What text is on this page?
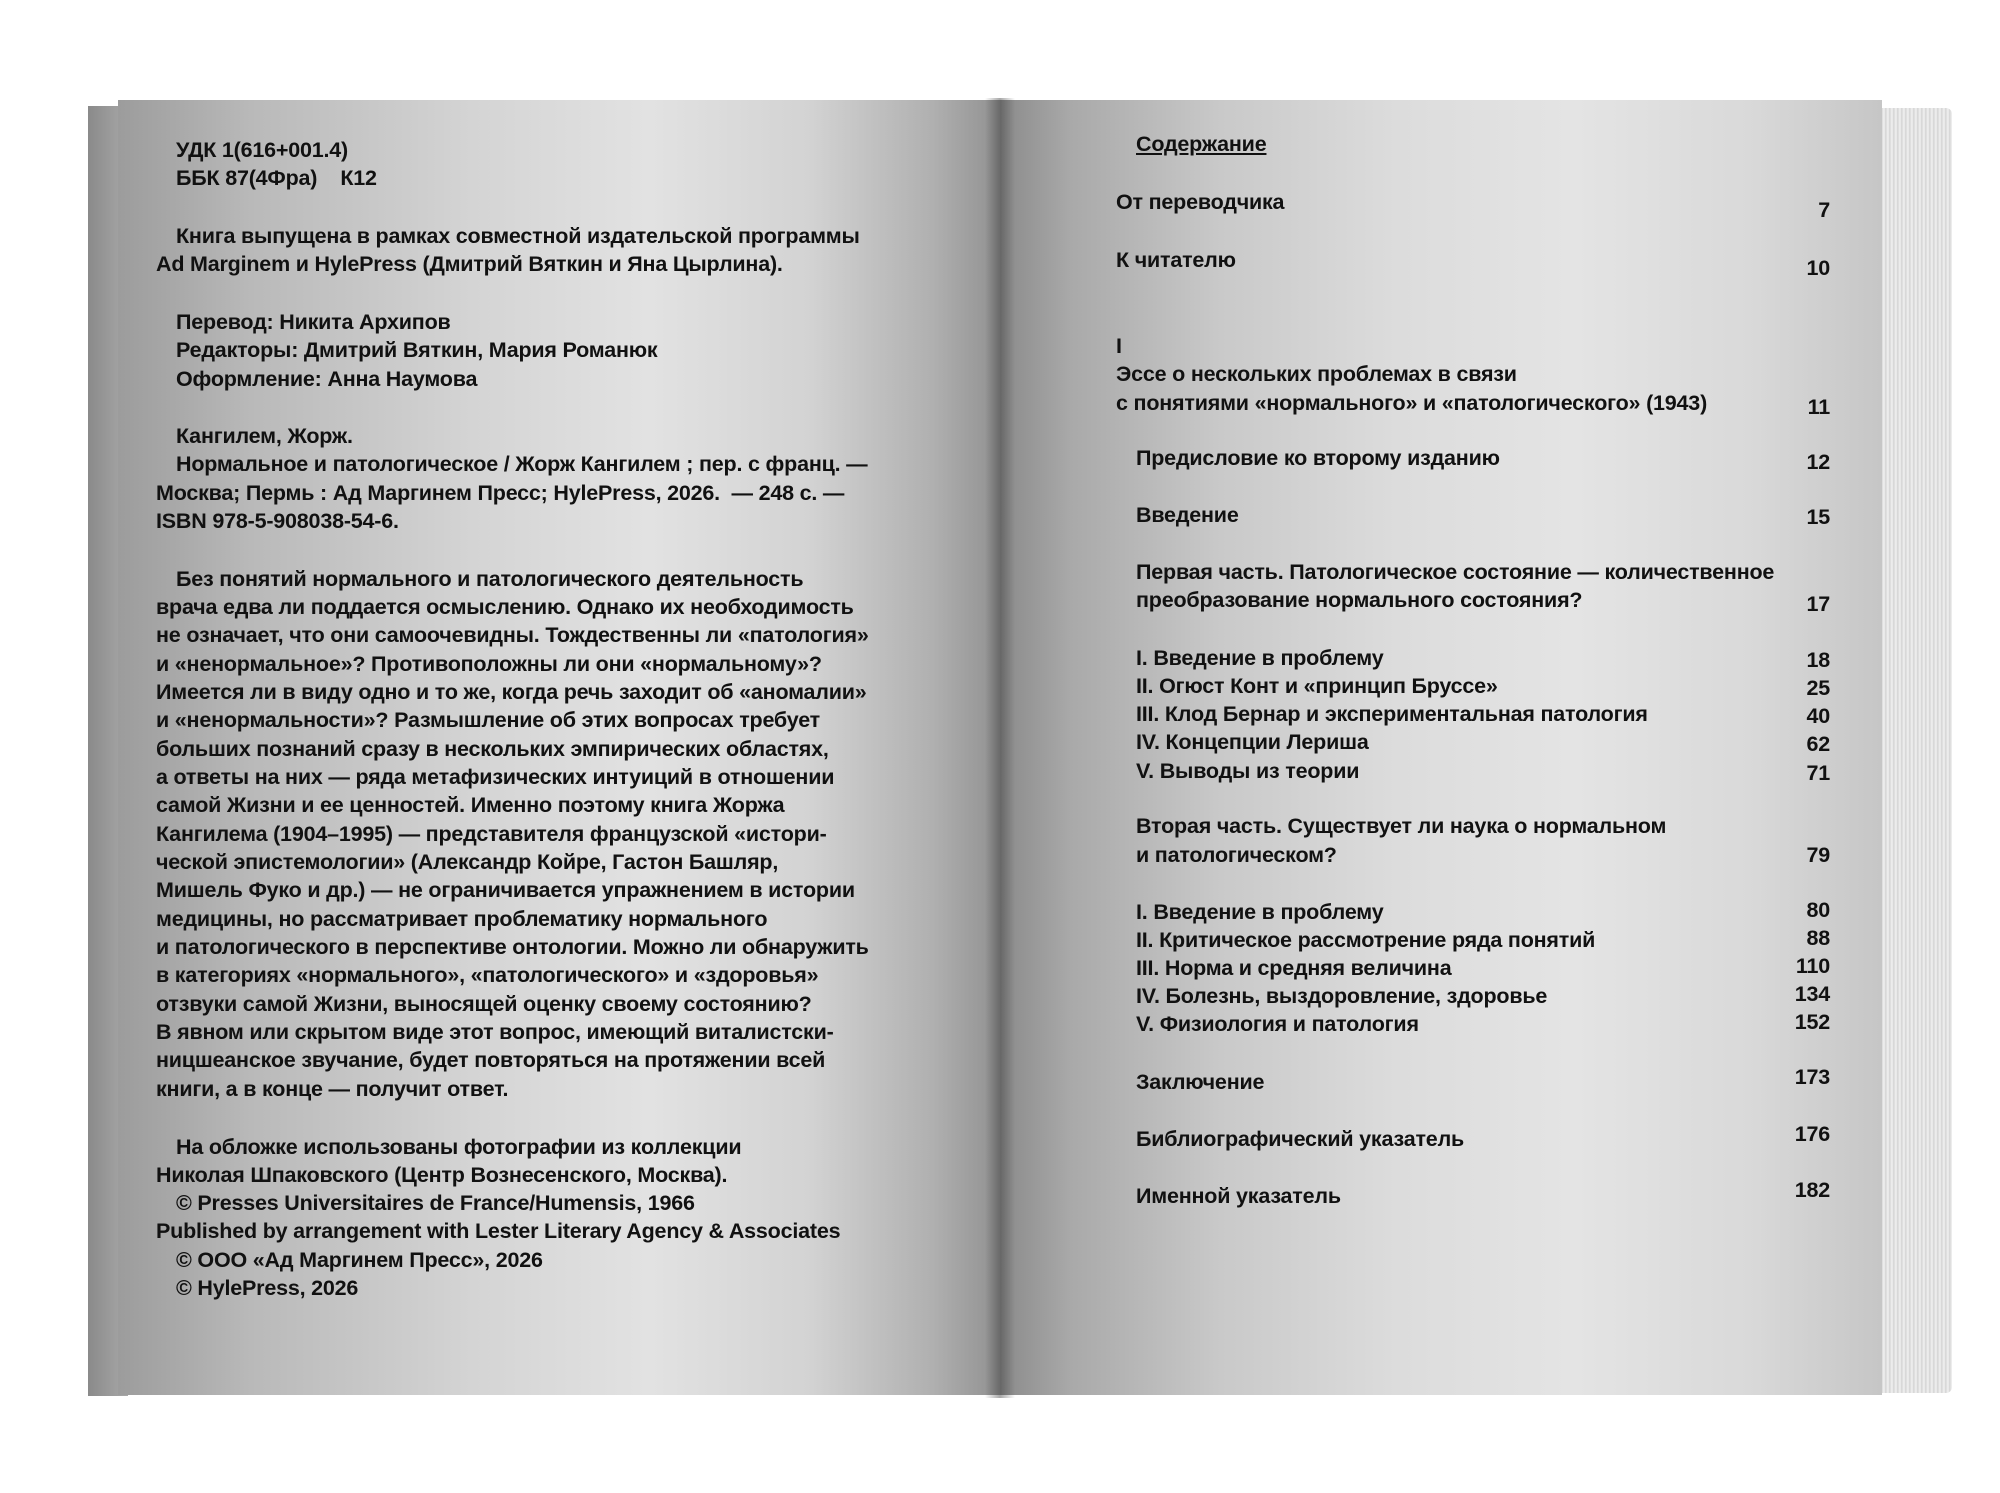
УДК 1(616+001.4)
ББК 87(4Фра)    К12
Книга выпущена в рамках совместной издательской программы
Ad Marginem и HylePress (Дмитрий Вяткин и Яна Цырлина).
Перевод: Никита Архипов
Редакторы: Дмитрий Вяткин, Мария Романюк
Оформление: Анна Наумова
Кангилем, Жорж.
Нормальное и патологическое / Жорж Кангилем ; пер. с франц. —
Москва; Пермь : Ад Маргинем Пресс; HylePress, 2026.  — 248 с. —
ISBN 978-5-908038-54-6.
Без понятий нормального и патологического деятельность
врача едва ли поддается осмыслению. Однако их необходимость
не означает, что они самоочевидны. Тождественны ли «патология»
и «ненормальное»? Противоположны ли они «нормальному»?
Имеется ли в виду одно и то же, когда речь заходит об «аномалии»
и «ненормальности»? Размышление об этих вопросах требует
больших познаний сразу в нескольких эмпирических областях,
а ответы на них — ряда метафизических интуиций в отношении
самой Жизни и ее ценностей. Именно поэтому книга Жоржа
Кангилема (1904–1995) — представителя французской «истори-
ческой эпистемологии» (Александр Койре, Гастон Башляр,
Мишель Фуко и др.) — не ограничивается упражнением в истории
медицины, но рассматривает проблематику нормального
и патологического в перспективе онтологии. Можно ли обнаружить
в категориях «нормального», «патологического» и «здоровья»
отзвуки самой Жизни, выносящей оценку своему состоянию?
В явном или скрытом виде этот вопрос, имеющий виталистски-
ницшеанское звучание, будет повторяться на протяжении всей
книги, а в конце — получит ответ.
На обложке использованы фотографии из коллекции
Николая Шпаковского (Центр Вознесенского, Москва).
© Presses Universitaires de France/Humensis, 1966
Published by arrangement with Lester Literary Agency & Associates
© ООО «Ад Маргинем Пресс», 2026
© HylePress, 2026
Содержание
От переводчика	7
К читателю	10
I
Эссе о нескольких проблемах в связи
с понятиями «нормального» и «патологического» (1943)	11
Предисловие ко второму изданию	12
Введение	15
Первая часть. Патологическое состояние — количественное
преобразование нормального состояния?	17
I. Введение в проблему	18
II. Огюст Конт и «принцип Бруссе»	25
III. Клод Бернар и экспериментальная патология	40
IV. Концепции Лериша	62
V. Выводы из теории	71
Вторая часть. Существует ли наука о нормальном
и патологическом?	79
I. Введение в проблему	80
II. Критическое рассмотрение ряда понятий	88
III. Норма и средняя величина	110
IV. Болезнь, выздоровление, здоровье	134
V. Физиология и патология	152
Заключение	173
Библиографический указатель	176
Именной указатель	182
